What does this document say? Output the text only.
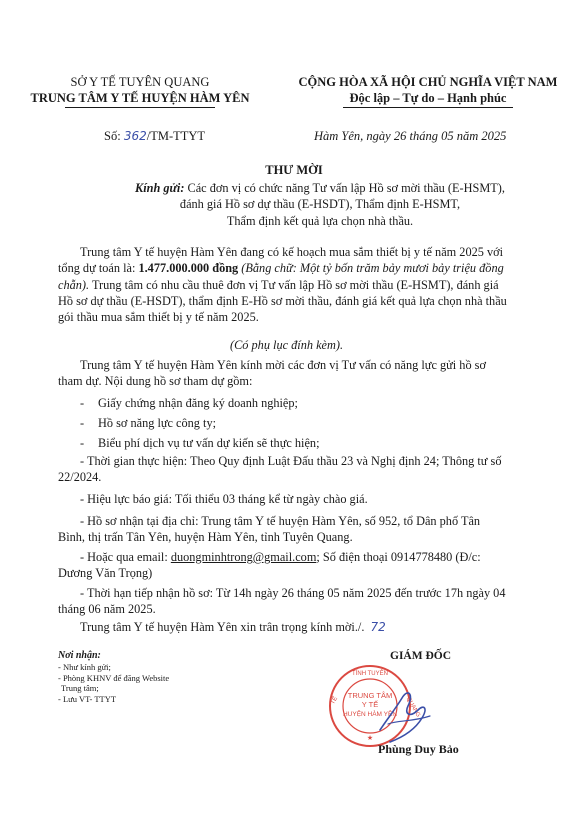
SỞ Y TẾ TUYÊN QUANG
TRUNG TÂM Y TẾ HUYỆN HÀM YÊN
CỘNG HÒA XÃ HỘI CHỦ NGHĨA VIỆT NAM
Độc lập – Tự do – Hạnh phúc
Số: 362/TM-TTYT	Hàm Yên, ngày 26 tháng 05 năm 2025
THƯ MỜI
Kính gửi: Các đơn vị có chức năng Tư vấn lập Hồ sơ mời thầu (E-HSMT),
đánh giá Hồ sơ dự thầu (E-HSDT), Thẩm định E-HSMT,
Thẩm định kết quả lựa chọn nhà thầu.
Trung tâm Y tế huyện Hàm Yên đang có kế hoạch mua sắm thiết bị y tế năm 2025 với
tổng dự toán là: 1.477.000.000 đồng (Bằng chữ: Một tỷ bốn trăm bảy mươi bảy triệu đồng
chẵn). Trung tâm có nhu cầu thuê đơn vị Tư vấn lập Hồ sơ mời thầu (E-HSMT), đánh giá
Hồ sơ dự thầu (E-HSDT), thẩm định E-Hồ sơ mời thầu, đánh giá kết quả lựa chọn nhà thầu
gói thầu mua sắm thiết bị y tế năm 2025.
(Có phụ lục đính kèm).
Trung tâm Y tế huyện Hàm Yên kính mời các đơn vị Tư vấn có năng lực gửi hồ sơ
tham dự. Nội dung hồ sơ tham dự gồm:
- Giấy chứng nhận đăng ký doanh nghiệp;
- Hồ sơ năng lực công ty;
- Biểu phí dịch vụ tư vấn dự kiến sẽ thực hiện;
- Thời gian thực hiện: Theo Quy định Luật Đấu thầu 23 và Nghị định 24; Thông tư số
22/2024.
- Hiệu lực báo giá: Tối thiểu 03 tháng kể từ ngày chào giá.
- Hồ sơ nhận tại địa chỉ: Trung tâm Y tế huyện Hàm Yên, số 952, tổ Dân phố Tân
Bình, thị trấn Tân Yên, huyện Hàm Yên, tỉnh Tuyên Quang.
- Hoặc qua email: duongminhtrong@gmail.com; Số điện thoại 0914778480 (Đ/c:
Dương Văn Trọng)
- Thời hạn tiếp nhận hồ sơ: Từ 14h ngày 26 tháng 05 năm 2025 đến trước 17h ngày 04
tháng 06 năm 2025.
Trung tâm Y tế huyện Hàm Yên xin trân trọng kính mời./. 72
Nơi nhận:
- Như kính gửi;
- Phòng KHNV để đăng Website
Trung tâm;
- Lưu VT- TTYT
GIÁM ĐỐC
TRUNG TÂM
Y TẾ
HUYỆN HÀM YÊN
TỈNH TUYÊN
TẾ	QUANG
★
Phùng Duy Bảo
